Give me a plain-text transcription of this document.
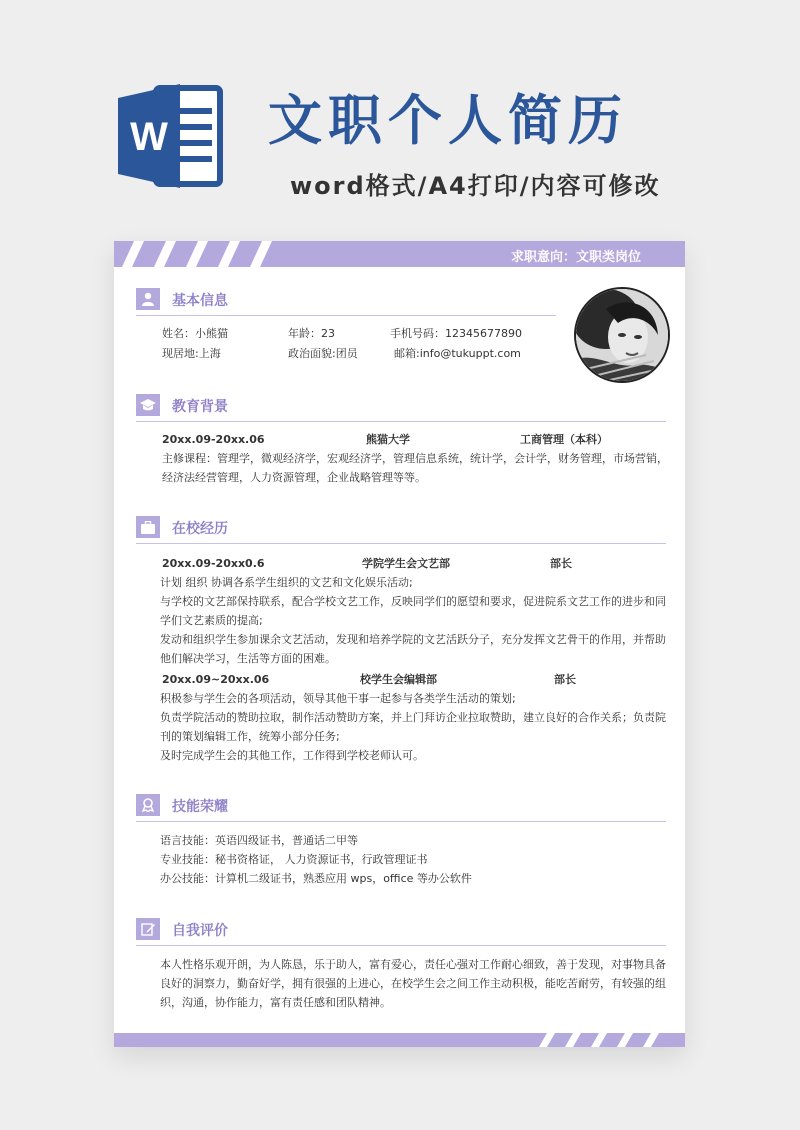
W 文职个人简历
word格式/A4打印/内容可修改
求职意向：文职类岗位
基本信息
姓名：小熊猫	年龄：23	手机号码：12345677890
现居地:上海	政治面貌:团员	邮箱:info@tukuppt.com
教育背景
20xx.09-20xx.06	熊猫大学	工商管理（本科）
主修课程：管理学，微观经济学，宏观经济学，管理信息系统，统计学，会计学，财务管理，市场营销，
经济法经营管理，人力资源管理，企业战略管理等等。
在校经历
20xx.09-20xx0.6	学院学生会文艺部	部长
计划 组织 协调各系学生组织的文艺和文化娱乐活动;
与学校的文艺部保持联系，配合学校文艺工作，反映同学们的愿望和要求，促进院系文艺工作的进步和同
学们文艺素质的提高;
发动和组织学生参加课余文艺活动，发现和培养学院的文艺活跃分子，充分发挥文艺骨干的作用，并帮助
他们解决学习，生活等方面的困难。
20xx.09~20xx.06	校学生会编辑部	部长
积极参与学生会的各项活动，领导其他干事一起参与各类学生活动的策划;
负责学院活动的赞助拉取，制作活动赞助方案，并上门拜访企业拉取赞助，建立良好的合作关系；负责院
刊的策划编辑工作，统筹小部分任务;
及时完成学生会的其他工作，工作得到学校老师认可。
技能荣耀
语言技能：英语四级证书，普通话二甲等
专业技能：秘书资格证， 人力资源证书，行政管理证书
办公技能：计算机二级证书，熟悉应用 wps，office 等办公软件
自我评价
本人性格乐观开朗，为人陈恳，乐于助人，富有爱心，责任心强对工作耐心细致，善于发现，对事物具备
良好的洞察力，勤奋好学，拥有很强的上进心，在校学生会之间工作主动积极，能吃苦耐劳，有较强的组
织，沟通，协作能力，富有责任感和团队精神。
